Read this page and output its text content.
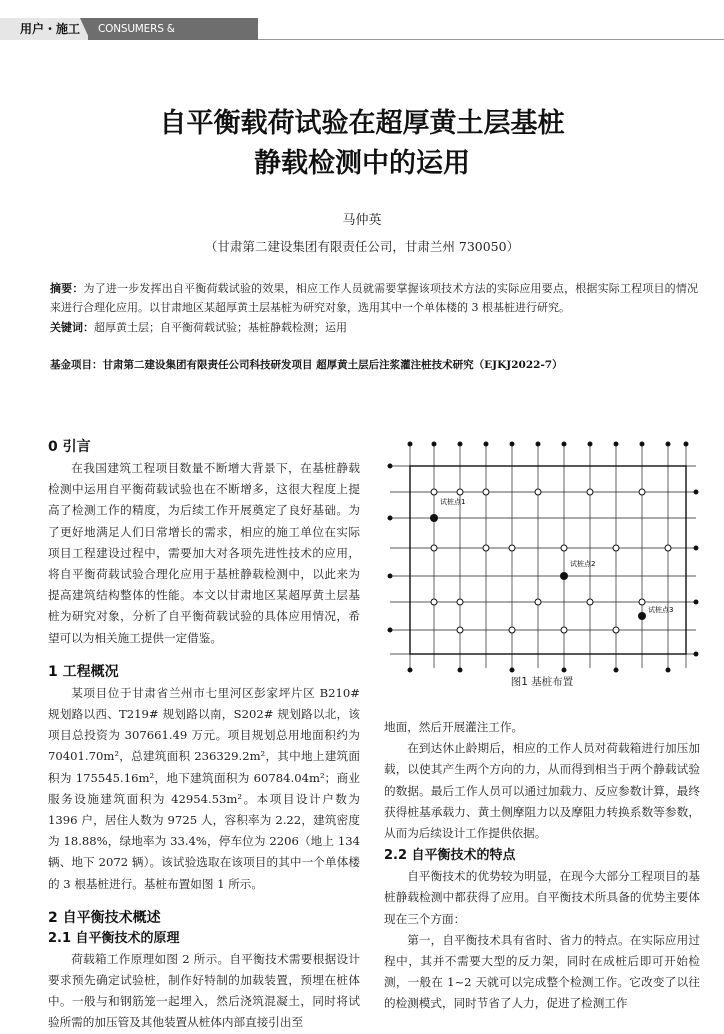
用户・施工	CONSUMERS & CONSTRUCTION
自平衡载荷试验在超厚黄土层基桩
静载检测中的运用
马仲英
（甘肃第二建设集团有限责任公司，甘肃兰州 730050）
摘要：为了进一步发挥出自平衡荷载试验的效果，相应工作人员就需要掌握该项技术方法的实际应用要点，根据实际工程项目的情况来进行合理化应用。以甘肃地区某超厚黄土层基桩为研究对象，选用其中一个单体楼的 3 根基桩进行研究。
关键词：超厚黄土层；自平衡荷载试验；基桩静载检测；运用
基金项目：甘肃第二建设集团有限责任公司科技研发项目 超厚黄土层后注浆灌注桩技术研究（EJKJ2022-7）
0 引言

在我国建筑工程项目数量不断增大背景下，在基桩静载检测中运用自平衡荷载试验也在不断增多，这很大程度上提高了检测工作的精度，为后续工作开展奠定了良好基础。为了更好地满足人们日常增长的需求，相应的施工单位在实际项目工程建设过程中，需要加大对各项先进性技术的应用，将自平衡荷载试验合理化应用于基桩静载检测中，以此来为提高建筑结构整体的性能。本文以甘肃地区某超厚黄土层基桩为研究对象，分析了自平衡荷载试验的具体应用情况，希望可以为相关施工提供一定借鉴。

1 工程概况

某项目位于甘肃省兰州市七里河区彭家坪片区 B210# 规划路以西、T219# 规划路以南，S202# 规划路以北，该项目总投资为 307661.49 万元。项目规划总用地面积约为 70401.70m²，总建筑面积 236329.2m²，其中地上建筑面积为 175545.16m²，地下建筑面积为 60784.04m²；商业服务设施建筑面积为 42954.53m²。本项目设计户数为 1396 户，居住人数为 9725 人，容积率为 2.22，建筑密度为 18.88%，绿地率为 33.4%，停车位为 2206（地上 134 辆、地下 2072 辆）。该试验选取在该项目的其中一个单体楼的 3 根基桩进行。基桩布置如图 1 所示。

2 自平衡技术概述
2.1 自平衡技术的原理

荷载箱工作原理如图 2 所示。自平衡技术需要根据设计要求预先确定试验桩，制作好特制的加载装置，预埋在桩体中。一般与和钢筋笼一起埋入，然后浇筑混凝土，同时将试验所需的加压管及其他装置从桩体内部直接引出至

试桩点1
试桩点2
试桩点3
图1 基桩布置

地面，然后开展灌注工作。

在到达休止龄期后，相应的工作人员对荷载箱进行加压加载，以使其产生两个方向的力，从而得到相当于两个静载试验的数据。最后工作人员可以通过加载力、反应参数计算，最终获得桩基承载力、黄土侧摩阻力以及摩阻力转换系数等参数，从而为后续设计工作提供依据。

2.2 自平衡技术的特点

自平衡技术的优势较为明显，在现今大部分工程项目的基桩静载检测中都获得了应用。自平衡技术所具备的优势主要体现在三个方面：

第一，自平衡技术具有省时、省力的特点。在实际应用过程中，其并不需要大型的反力架，同时在成桩后即可开始检测，一般在 1~2 天就可以完成整个检测工作。它改变了以往的检测模式，同时节省了人力，促进了检测工作
